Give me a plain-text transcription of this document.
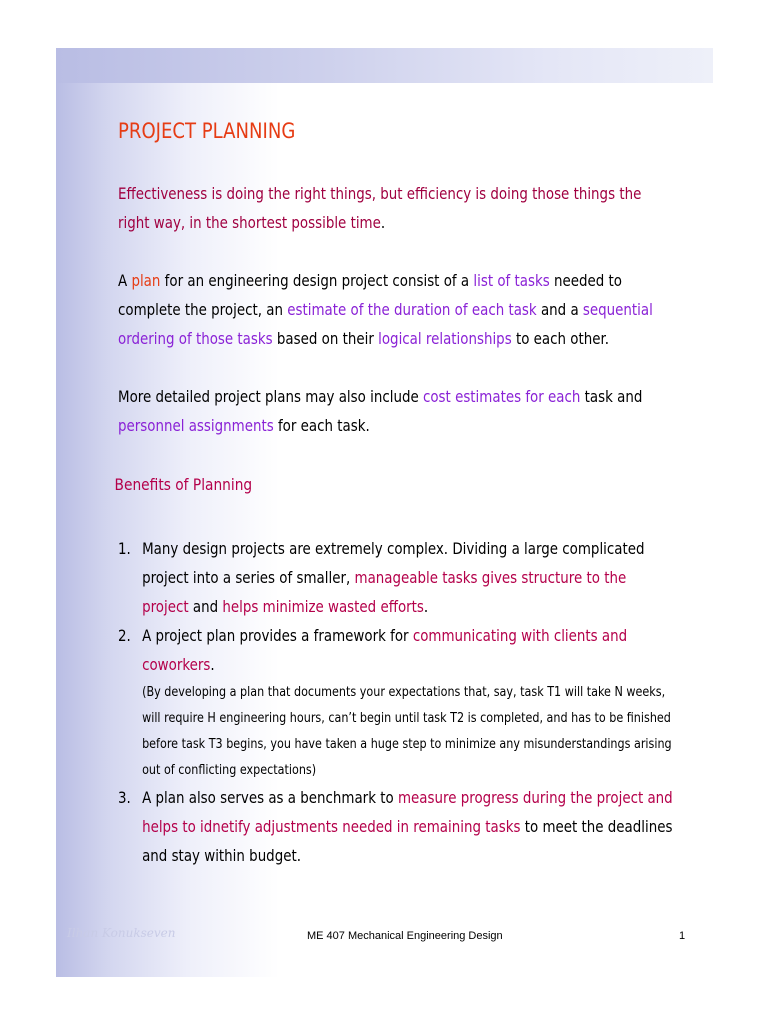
PROJECT PLANNING

Effectiveness is doing the right things, but efficiency is doing those things the right way, in the shortest possible time.

A plan for an engineering design project consist of a list of tasks needed to complete the project, an estimate of the duration of each task and a sequential ordering of those tasks based on their logical relationships to each other.

More detailed project plans may also include cost estimates for each task and personnel assignments for each task.

Benefits of Planning
1. Many design projects are extremely complex. Dividing a large complicated project into a series of smaller, manageable tasks gives structure to the project and helps minimize wasted efforts.
2. A project plan provides a framework for communicating with clients and coworkers.
(By developing a plan that documents your expectations that, say, task T1 will take N weeks, will require H engineering hours, can’t begin until task T2 is completed, and has to be finished before task T3 begins, you have taken a huge step to minimize any misunderstandings arising out of conflicting expectations)
3. A plan also serves as a benchmark to measure progress during the project and helps to idnetify adjustments needed in remaining tasks to meet the deadlines and stay within budget.
Ilhan Konukseven	ME 407 Mechanical Engineering Design	1
